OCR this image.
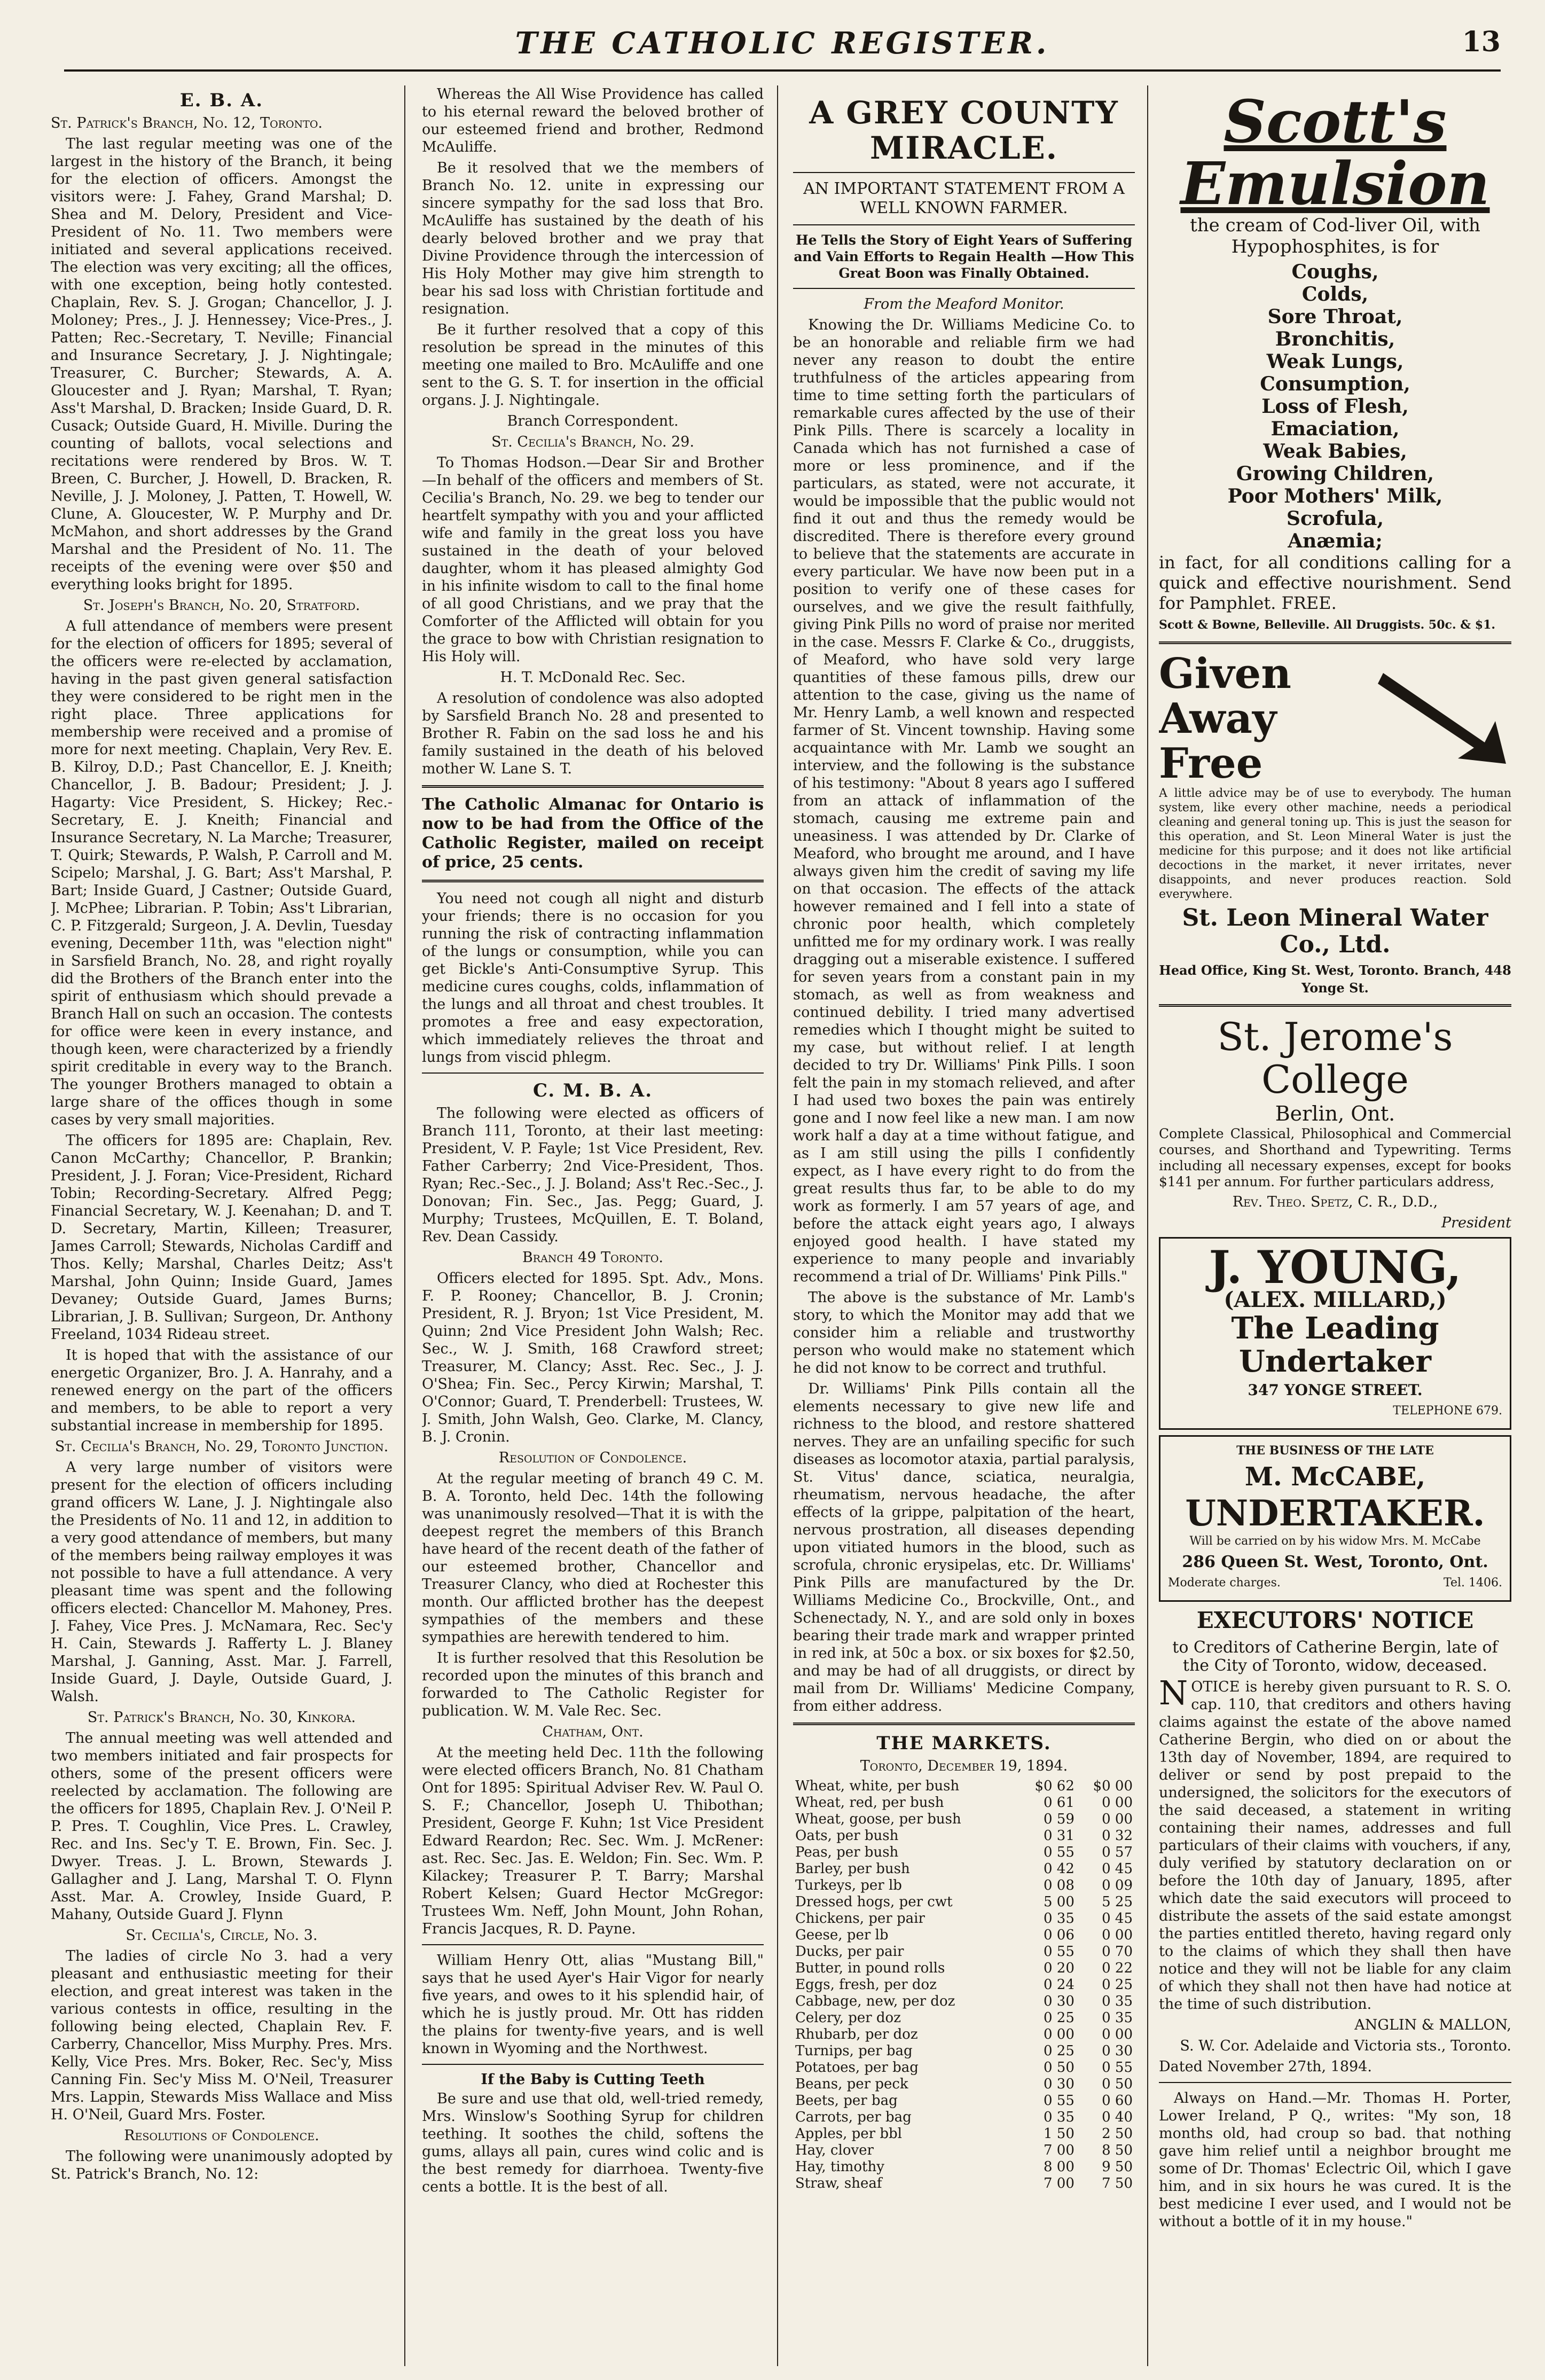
THE CATHOLIC REGISTER.	13
E. B. A.

St. Patrick's Branch, No. 12, Toronto.

The last regular meeting was one of the largest in the history of the Branch, it being for the election of officers. Amongst the visitors were: J. Fahey, Grand Marshal; D. Shea and M. Delory, President and Vice-President of No. 11. Two members were initiated and several applications received. The election was very exciting; all the offices, with one exception, being hotly contested. Chaplain, Rev. S. J. Grogan; Chancellor, J. J. Moloney; Pres., J. J. Hennessey; Vice-Pres., J. Patten; Rec.-Secretary, T. Neville; Financial and Insurance Secretary, J. J. Nightingale; Treasurer, C. Burcher; Stewards, A. A. Gloucester and J. Ryan; Marshal, T. Ryan; Ass't Marshal, D. Bracken; Inside Guard, D. R. Cusack; Outside Guard, H. Miville. During the counting of ballots, vocal selections and recitations were rendered by Bros. W. T. Breen, C. Burcher, J. Howell, D. Bracken, R. Neville, J. J. Moloney, J. Patten, T. Howell, W. Clune, A. Gloucester, W. P. Murphy and Dr. McMahon, and short addresses by the Grand Marshal and the President of No. 11. The receipts of the evening were over $50 and everything looks bright for 1895.

St. Joseph's Branch, No. 20, Stratford.

A full attendance of members were present for the election of officers for 1895; several of the officers were re-elected by acclamation, having in the past given general satisfaction they were considered to be right men in the right place. Three applications for membership were received and a promise of more for next meeting. Chaplain, Very Rev. E. B. Kilroy, D.D.; Past Chancellor, E. J. Kneith; Chancellor, J. B. Badour; President; J. J. Hagarty: Vice President, S. Hickey; Rec.-Secretary, E. J. Kneith; Financial and Insurance Secretary, N. La Marche; Treasurer, T. Quirk; Stewards, P. Walsh, P. Carroll and M. Scipelo; Marshal, J. G. Bart; Ass't Marshal, P. Bart; Inside Guard, J Castner; Outside Guard, J. McPhee; Librarian. P. Tobin; Ass't Librarian, C. P. Fitzgerald; Surgeon, J. A. Devlin, Tuesday evening, December 11th, was "election night" in Sarsfield Branch, No. 28, and right royally did the Brothers of the Branch enter into the spirit of enthusiasm which should prevade a Branch Hall on such an occasion. The contests for office were keen in every instance, and though keen, were characterized by a friendly spirit creditable in every way to the Branch. The younger Brothers managed to obtain a large share of the offices though in some cases by very small majorities.

The officers for 1895 are: Chaplain, Rev. Canon McCarthy; Chancellor, P. Brankin; President, J. J. Foran; Vice-President, Richard Tobin; Recording-Secretary. Alfred Pegg; Financial Secretary, W. J. Keenahan; D. and T. D. Secretary, Martin, Killeen; Treasurer, James Carroll; Stewards, Nicholas Cardiff and Thos. Kelly; Marshal, Charles Deitz; Ass't Marshal, John Quinn; Inside Guard, James Devaney; Outside Guard, James Burns; Librarian, J. B. Sullivan; Surgeon, Dr. Anthony Freeland, 1034 Rideau street.

It is hoped that with the assistance of our energetic Organizer, Bro. J. A. Hanrahy, and a renewed energy on the part of the officers and members, to be able to report a very substantial increase in membership for 1895.

St. Cecilia's Branch, No. 29, Toronto Junction.

A very large number of visitors were present for the election of officers including grand officers W. Lane, J. J. Nightingale also the Presidents of No. 11 and 12, in addition to a very good attendance of members, but many of the members being railway employes it was not possible to have a full attendance. A very pleasant time was spent and the following officers elected: Chancellor M. Mahoney, Pres. J. Fahey, Vice Pres. J. McNamara, Rec. Sec'y H. Cain, Stewards J. Rafferty L. J. Blaney Marshal, J. Ganning, Asst. Mar. J. Farrell, Inside Guard, J. Dayle, Outside Guard, J. Walsh.

St. Patrick's Branch, No. 30, Kinkora.

The annual meeting was well attended and two members initiated and fair prospects for others, some of the present officers were reelected by acclamation. The following are the officers for 1895, Chaplain Rev. J. O'Neil P. P. Pres. T. Coughlin, Vice Pres. L. Crawley, Rec. and Ins. Sec'y T. E. Brown, Fin. Sec. J. Dwyer. Treas. J. L. Brown, Stewards J. Gallagher and J. Lang, Marshal T. O. Flynn Asst. Mar. A. Crowley, Inside Guard, P. Mahany, Outside Guard J. Flynn

St. Cecilia's, Circle, No. 3.

The ladies of circle No 3. had a very pleasant and enthusiastic meeting for their election, and great interest was taken in the various contests in office, resulting in the following being elected, Chaplain Rev. F. Carberry, Chancellor, Miss Murphy. Pres. Mrs. Kelly, Vice Pres. Mrs. Boker, Rec. Sec'y, Miss Canning Fin. Sec'y Miss M. O'Neil, Treasurer Mrs. Lappin, Stewards Miss Wallace and Miss H. O'Neil, Guard Mrs. Foster.

Resolutions of Condolence.

The following were unanimously adopted by St. Patrick's Branch, No. 12:

Whereas the All Wise Providence has called to his eternal reward the beloved brother of our esteemed friend and brother, Redmond McAuliffe.

Be it resolved that we the members of Branch No. 12. unite in expressing our sincere sympathy for the sad loss that Bro. McAuliffe has sustained by the death of his dearly beloved brother and we pray that Divine Providence through the intercession of His Holy Mother may give him strength to bear his sad loss with Christian fortitude and resignation.

Be it further resolved that a copy of this resolution be spread in the minutes of this meeting one mailed to Bro. McAuliffe and one sent to the G. S. T. for insertion in the official organs. J. J. Nightingale.

Branch Correspondent.

St. Cecilia's Branch, No. 29.

To Thomas Hodson.—Dear Sir and Brother —In behalf of the officers and members of St. Cecilia's Branch, No. 29. we beg to tender our heartfelt sympathy with you and your afflicted wife and family in the great loss you have sustained in the death of your beloved daughter, whom it has pleased almighty God in his infinite wisdom to call to the final home of all good Christians, and we pray that the Comforter of the Afflicted will obtain for you the grace to bow with Christian resignation to His Holy will.

H. T. McDonald Rec. Sec.

A resolution of condolence was also adopted by Sarsfield Branch No. 28 and presented to Brother R. Fabin on the sad loss he and his family sustained in the death of his beloved mother W. Lane S. T.

The Catholic Almanac for Ontario is now to be had from the Office of the Catholic Register, mailed on receipt of price, 25 cents.

You need not cough all night and disturb your friends; there is no occasion for you running the risk of contracting inflammation of the lungs or consumption, while you can get Bickle's Anti-Consumptive Syrup. This medicine cures coughs, colds, inflammation of the lungs and all throat and chest troubles. It promotes a free and easy expectoration, which immediately relieves the throat and lungs from viscid phlegm.

C. M. B. A.

The following were elected as officers of Branch 111, Toronto, at their last meeting: President, V. P. Fayle; 1st Vice President, Rev. Father Carberry; 2nd Vice-President, Thos. Ryan; Rec.-Sec., J. J. Boland; Ass't Rec.-Sec., J. Donovan; Fin. Sec., Jas. Pegg; Guard, J. Murphy; Trustees, McQuillen, E. T. Boland, Rev. Dean Cassidy.

Branch 49 Toronto.

Officers elected for 1895. Spt. Adv., Mons. F. P. Rooney; Chancellor, B. J. Cronin; President, R. J. Bryon; 1st Vice President, M. Quinn; 2nd Vice President John Walsh; Rec. Sec., W. J. Smith, 168 Crawford street; Treasurer, M. Clancy; Asst. Rec. Sec., J. J. O'Shea; Fin. Sec., Percy Kirwin; Marshal, T. O'Connor; Guard, T. Prenderbell: Trustees, W. J. Smith, John Walsh, Geo. Clarke, M. Clancy, B. J. Cronin.

Resolution of Condolence.

At the regular meeting of branch 49 C. M. B. A. Toronto, held Dec. 14th the following was unanimously resolved—That it is with the deepest regret the members of this Branch have heard of the recent death of the father of our esteemed brother, Chancellor and Treasurer Clancy, who died at Rochester this month. Our afflicted brother has the deepest sympathies of the members and these sympathies are herewith tendered to him.

It is further resolved that this Resolution be recorded upon the minutes of this branch and forwarded to The Catholic Register for publication. W. M. Vale Rec. Sec.

Chatham, Ont.

At the meeting held Dec. 11th the following were elected officers Branch, No. 81 Chatham Ont for 1895: Spiritual Adviser Rev. W. Paul O. S. F.; Chancellor, Joseph U. Thibothan; President, George F. Kuhn; 1st Vice President Edward Reardon; Rec. Sec. Wm. J. McRener: ast. Rec. Sec. Jas. E. Weldon; Fin. Sec. Wm. P. Kilackey; Treasurer P. T. Barry; Marshal Robert Kelsen; Guard Hector McGregor: Trustees Wm. Neff, John Mount, John Rohan, Francis Jacques, R. D. Payne.

William Henry Ott, alias "Mustang Bill," says that he used Ayer's Hair Vigor for nearly five years, and owes to it his splendid hair, of which he is justly proud. Mr. Ott has ridden the plains for twenty-five years, and is well known in Wyoming and the Northwest.

If the Baby is Cutting Teeth

Be sure and use that old, well-tried remedy, Mrs. Winslow's Soothing Syrup for children teething. It soothes the child, softens the gums, allays all pain, cures wind colic and is the best remedy for diarrhoea. Twenty-five cents a bottle. It is the best of all.

A GREY COUNTY MIRACLE.
AN IMPORTANT STATEMENT FROM A WELL KNOWN FARMER.

He Tells the Story of Eight Years of Suffering and Vain Efforts to Regain Health —How This Great Boon was Finally Obtained.

From the Meaford Monitor.

Knowing the Dr. Williams Medicine Co. to be an honorable and reliable firm we had never any reason to doubt the entire truthfulness of the articles appearing from time to time setting forth the particulars of remarkable cures affected by the use of their Pink Pills. There is scarcely a locality in Canada which has not furnished a case of more or less prominence, and if the particulars, as stated, were not accurate, it would be impossible that the public would not find it out and thus the remedy would be discredited. There is therefore every ground to believe that the statements are accurate in every particular. We have now been put in a position to verify one of these cases for ourselves, and we give the result faithfully, giving Pink Pills no word of praise nor merited in the case. Messrs F. Clarke & Co., druggists, of Meaford, who have sold very large quantities of these famous pills, drew our attention to the case, giving us the name of Mr. Henry Lamb, a well known and respected farmer of St. Vincent township. Having some acquaintance with Mr. Lamb we sought an interview, and the following is the substance of his testimony: "About 8 years ago I suffered from an attack of inflammation of the stomach, causing me extreme pain and uneasiness. I was attended by Dr. Clarke of Meaford, who brought me around, and I have always given him the credit of saving my life on that occasion. The effects of the attack however remained and I fell into a state of chronic poor health, which completely unfitted me for my ordinary work. I was really dragging out a miserable existence. I suffered for seven years from a constant pain in my stomach, as well as from weakness and continued debility. I tried many advertised remedies which I thought might be suited to my case, but without relief. I at length decided to try Dr. Williams' Pink Pills. I soon felt the pain in my stomach relieved, and after I had used two boxes the pain was entirely gone and I now feel like a new man. I am now work half a day at a time without fatigue, and as I am still using the pills I confidently expect, as I have every right to do from the great results thus far, to be able to do my work as formerly. I am 57 years of age, and before the attack eight years ago, I always enjoyed good health. I have stated my experience to many people and invariably recommend a trial of Dr. Williams' Pink Pills."

The above is the substance of Mr. Lamb's story, to which the Monitor may add that we consider him a reliable and trustworthy person who would make no statement which he did not know to be correct and truthful.

Dr. Williams' Pink Pills contain all the elements necessary to give new life and richness to the blood, and restore shattered nerves. They are an unfailing specific for such diseases as locomotor ataxia, partial paralysis, St. Vitus' dance, sciatica, neuralgia, rheumatism, nervous headache, the after effects of la grippe, palpitation of the heart, nervous prostration, all diseases depending upon vitiated humors in the blood, such as scrofula, chronic erysipelas, etc. Dr. Williams' Pink Pills are manufactured by the Dr. Williams Medicine Co., Brockville, Ont., and Schenectady, N. Y., and are sold only in boxes bearing their trade mark and wrapper printed in red ink, at 50c a box. or six boxes for $2.50, and may be had of all druggists, or direct by mail from Dr. Williams' Medicine Company, from either address.

THE MARKETS.

Toronto, December 19, 1894.

Wheat, white, per bush	$0 62	$0 00
Wheat, red, per bush	0 61	0 00
Wheat, goose, per bush	0 59	0 00
Oats, per bush	0 31	0 32
Peas, per bush	0 55	0 57
Barley, per bush	0 42	0 45
Turkeys, per lb	0 08	0 09
Dressed hogs, per cwt	5 00	5 25
Chickens, per pair	0 35	0 45
Geese, per lb	0 06	0 00
Ducks, per pair	0 55	0 70
Butter, in pound rolls	0 20	0 22
Eggs, fresh, per doz	0 24	0 25
Cabbage, new, per doz	0 30	0 35
Celery, per doz	0 25	0 35
Rhubarb, per doz	0 00	0 00
Turnips, per bag	0 25	0 30
Potatoes, per bag	0 50	0 55
Beans, per peck	0 30	0 50
Beets, per bag	0 55	0 60
Carrots, per bag	0 35	0 40
Apples, per bbl	1 50	2 50
Hay, clover	7 00	8 50
Hay, timothy	8 00	9 50
Straw, sheaf	7 00	7 50
Scott's Emulsion

the cream of Cod-liver Oil, with Hypophosphites, is for

Coughs,

Colds,

Sore Throat,

Bronchitis,

Weak Lungs,

Consumption,

Loss of Flesh,

Emaciation,

Weak Babies,

Growing Children,

Poor Mothers' Milk,

Scrofula,

Anæmia;

in fact, for all conditions calling for a quick and effective nourishment. Send for Pamphlet. FREE.

Scott & Bowne, Belleville. All Druggists. 50c. & $1.

Given

Away

Free

A little advice may be of use to everybody. The human system, like every other machine, needs a periodical cleaning and general toning up. This is just the season for this operation, and St. Leon Mineral Water is just the medicine for this purpose; and it does not like artificial decoctions in the market, it never irritates, never disappoints, and never produces reaction. Sold everywhere.

St. Leon Mineral Water Co., Ltd.

Head Office, King St. West, Toronto. Branch, 448 Yonge St.

St. Jerome's College

Berlin, Ont.

Complete Classical, Philosophical and Commercial courses, and Shorthand and Typewriting. Terms including all necessary expenses, except for books $141 per annum. For further particulars address,

Rev. Theo. Spetz, C. R., D.D.,

President

J. YOUNG,

(ALEX. MILLARD,)

The Leading Undertaker

347 YONGE STREET.

TELEPHONE 679.

THE BUSINESS OF THE LATE

M. McCABE,

UNDERTAKER.

Will be carried on by his widow Mrs. M. McCabe

286 Queen St. West, Toronto, Ont.

Moderate charges.	Tel. 1406.

EXECUTORS' NOTICE

to Creditors of Catherine Bergin, late of the City of Toronto, widow, deceased.

NOTICE is hereby given pursuant to R. S. O. cap. 110, that creditors and others having claims against the estate of the above named Catherine Bergin, who died on or about the 13th day of November, 1894, are required to deliver or send by post prepaid to the undersigned, the solicitors for the executors of the said deceased, a statement in writing containing their names, addresses and full particulars of their claims with vouchers, if any, duly verified by statutory declaration on or before the 10th day of January, 1895, after which date the said executors will proceed to distribute the assets of the said estate amongst the parties entitled thereto, having regard only to the claims of which they shall then have notice and they will not be liable for any claim of which they shall not then have had notice at the time of such distribution.

ANGLIN & MALLON,

S. W. Cor. Adelaide and Victoria sts., Toronto.

Dated November 27th, 1894.

Always on Hand.—Mr. Thomas H. Porter, Lower Ireland, P Q., writes: "My son, 18 months old, had croup so bad. that nothing gave him relief until a neighbor brought me some of Dr. Thomas' Eclectric Oil, which I gave him, and in six hours he was cured. It is the best medicine I ever used, and I would not be without a bottle of it in my house."
